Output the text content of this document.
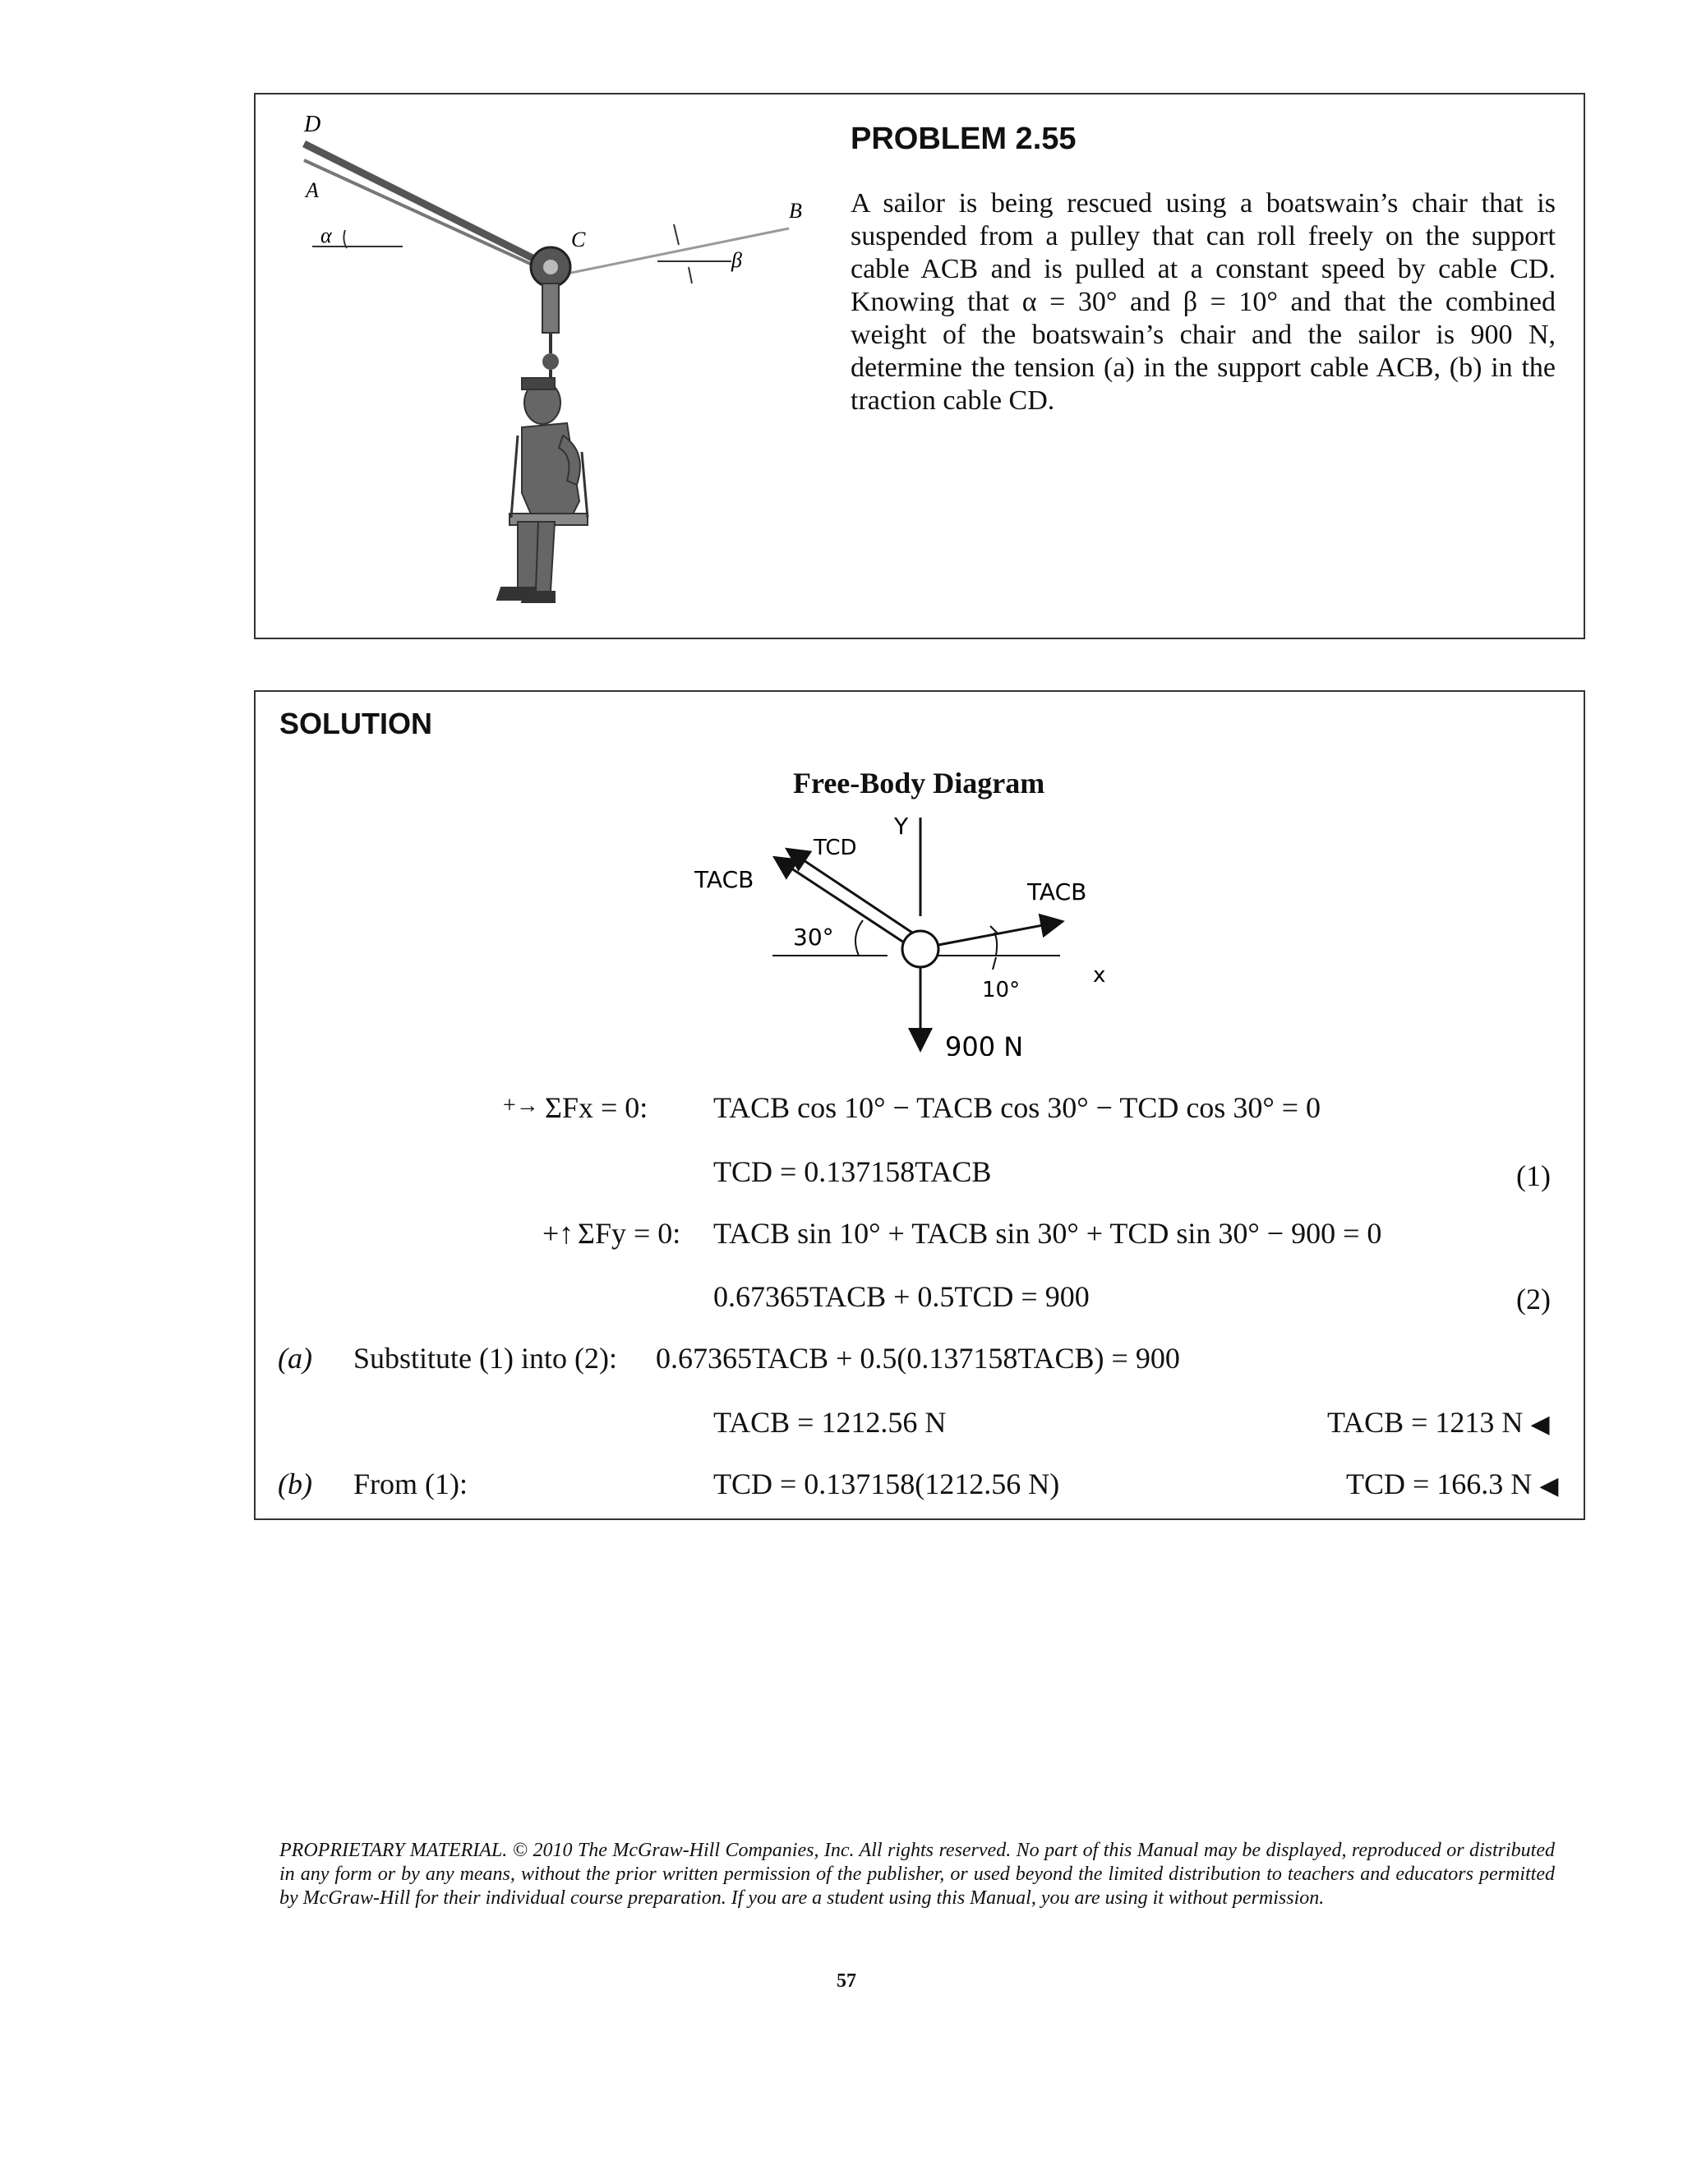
D
A
α	C
B
β
PROBLEM 2.55

A sailor is being rescued using a boatswain’s chair that is suspended from a pulley that can roll freely on the support cable ACB and is pulled at a constant speed by cable CD. Knowing that α = 30° and β = 10° and that the combined weight of the boatswain’s chair and the sailor is 900 N, determine the tension (a) in the support cable ACB, (b) in the traction cable CD.

SOLUTION
Free-Body Diagram
TACB
TCD
TACB
30°
10°
Y
x
900 N
+→ ΣFx = 0: TACB cos 10° − TACB cos 30° − TCD cos 30° = 0
TCD = 0.137158TACB	(1)
+↑ ΣFy = 0: TACB sin 10° + TACB sin 30° + TCD sin 30° − 900 = 0
0.67365TACB + 0.5TCD = 900	(2)
(a) Substitute (1) into (2): 0.67365TACB + 0.5(0.137158TACB) = 900
TACB = 1212.56 N	TACB = 1213 N ◀
(b) From (1):	TCD = 0.137158(1212.56 N)	TCD = 166.3 N ◀

PROPRIETARY MATERIAL. © 2010 The McGraw-Hill Companies, Inc. All rights reserved. No part of this Manual may be displayed, reproduced or distributed in any form or by any means, without the prior written permission of the publisher, or used beyond the limited distribution to teachers and educators permitted by McGraw-Hill for their individual course preparation. If you are a student using this Manual, you are using it without permission.

57
